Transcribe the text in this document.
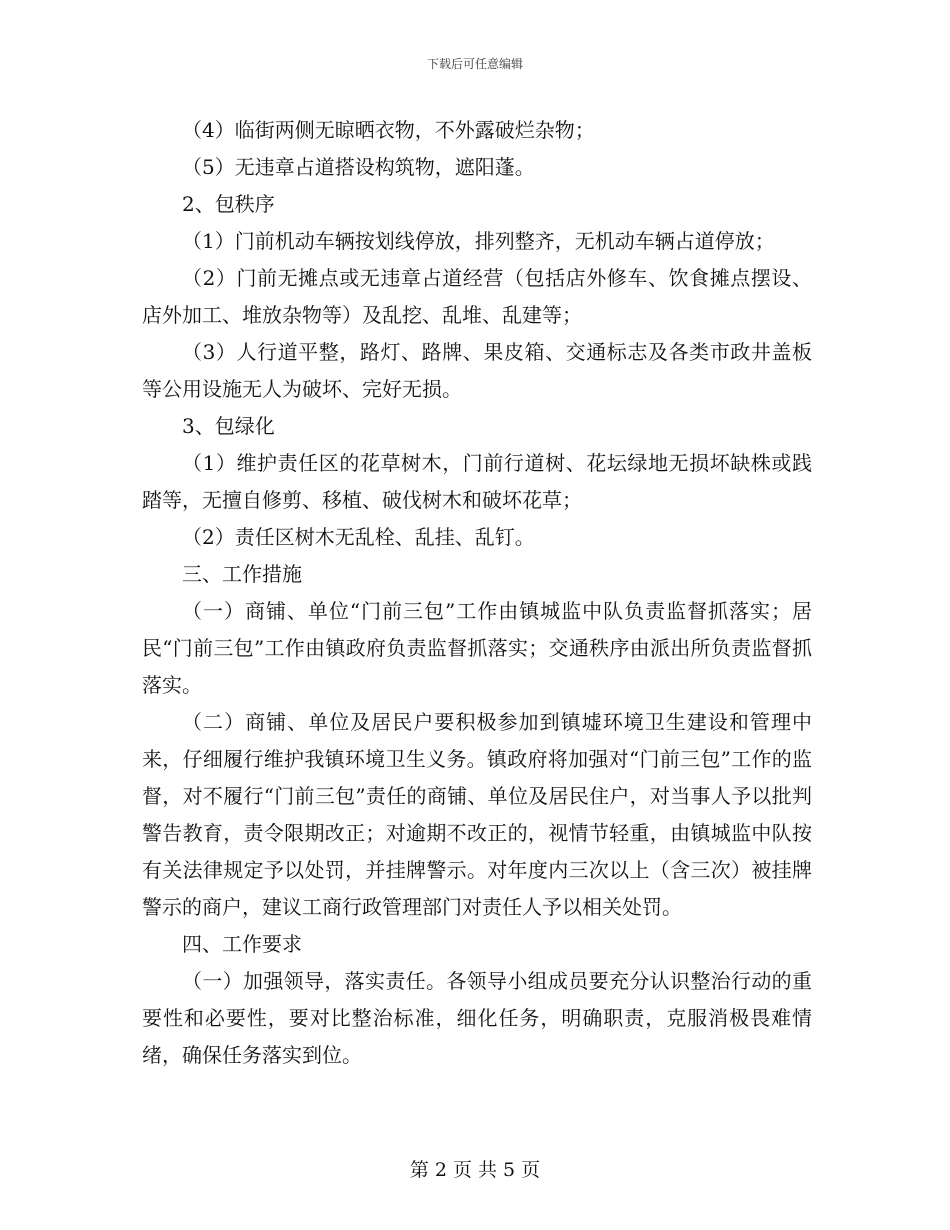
下载后可任意编辑

（4）临街两侧无晾晒衣物，不外露破烂杂物；

（5）无违章占道搭设构筑物，遮阳蓬。

2、包秩序

（1）门前机动车辆按划线停放，排列整齐，无机动车辆占道停放；

（2）门前无摊点或无违章占道经营（包括店外修车、饮食摊点摆设、店外加工、堆放杂物等）及乱挖、乱堆、乱建等；

（3）人行道平整，路灯、路牌、果皮箱、交通标志及各类市政井盖板等公用设施无人为破坏、完好无损。

3、包绿化

（1）维护责任区的花草树木，门前行道树、花坛绿地无损坏缺株或践踏等，无擅自修剪、移植、破伐树木和破坏花草；

（2）责任区树木无乱栓、乱挂、乱钉。

三、工作措施

（一）商铺、单位“门前三包”工作由镇城监中队负责监督抓落实；居民“门前三包”工作由镇政府负责监督抓落实；交通秩序由派出所负责监督抓落实。

（二）商铺、单位及居民户要积极参加到镇墟环境卫生建设和管理中来，仔细履行维护我镇环境卫生义务。镇政府将加强对“门前三包”工作的监督，对不履行“门前三包”责任的商铺、单位及居民住户，对当事人予以批判警告教育，责令限期改正；对逾期不改正的，视情节轻重，由镇城监中队按有关法律规定予以处罚，并挂牌警示。对年度内三次以上（含三次）被挂牌警示的商户，建议工商行政管理部门对责任人予以相关处罚。

四、工作要求

（一）加强领导，落实责任。各领导小组成员要充分认识整治行动的重要性和必要性，要对比整治标准，细化任务，明确职责，克服消极畏难情绪，确保任务落实到位。

第 2 页 共 5 页
